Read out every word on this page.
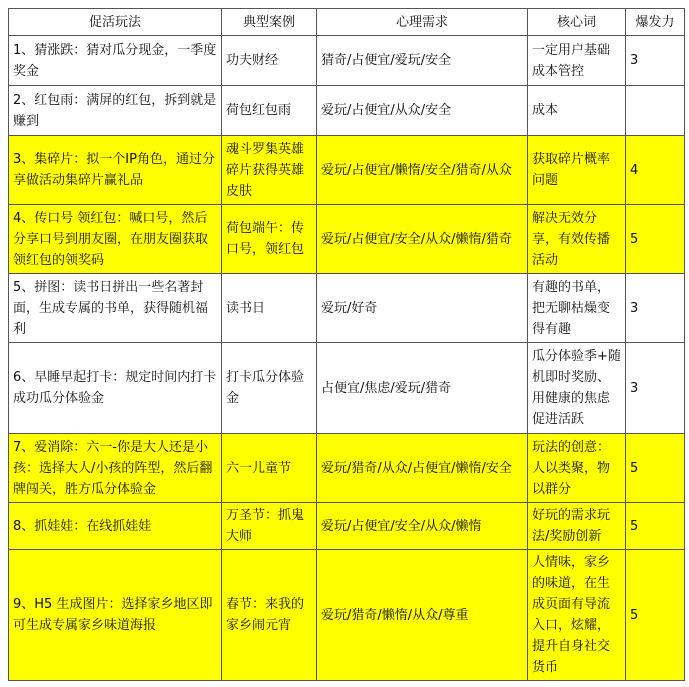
促活玩法	典型案例	心理需求	核心词	爆发力
1、猜涨跌：猜对瓜分现金，一季度奖金	功夫财经	猜奇/占便宜/爱玩/安全	一定用户基础成本管控	3
2、红包雨：满屏的红包，拆到就是赚到	荷包红包雨	爱玩/占便宜/从众/安全	成本	
3、集碎片：拟一个IP角色，通过分享做活动集碎片赢礼品	魂斗罗集英雄碎片获得英雄皮肤	爱玩/占便宜/懒惰/安全/猎奇/从众	获取碎片概率问题	4
4、传口号 领红包：喊口号，然后分享口号到朋友圈，在朋友圈获取领红包的领奖码	荷包端午：传口号，领红包	爱玩/占便宜/安全/从众/懒惰/猎奇	解决无效分享，有效传播活动	5
5、拼图：读书日拼出一些名著封面，生成专属的书单，获得随机福利	读书日	爱玩/好奇	有趣的书单，把无聊枯燥变得有趣	3
6、早睡早起打卡：规定时间内打卡成功瓜分体验金	打卡瓜分体验金	占便宜/焦虑/爱玩/猎奇	瓜分体验季+随机即时奖励、用健康的焦虑促进活跃	3
7、爱消除：六一-你是大人还是小孩：选择大人/小孩的阵型，然后翻牌闯关，胜方瓜分体验金	六一儿童节	爱玩/猎奇/从众/占便宜/懒惰/安全	玩法的创意：人以类聚，物以群分	5
8、抓娃娃：在线抓娃娃	万圣节：抓鬼大师	爱玩/占便宜/安全/从众/懒惰	好玩的需求玩法/奖励创新	5
9、H5 生成图片：选择家乡地区即可生成专属家乡味道海报	春节：来我的家乡闹元宵	爱玩/猎奇/懒惰/从众/尊重	人情味，家乡的味道，在生成页面有导流入口，炫耀，提升自身社交货币	5
